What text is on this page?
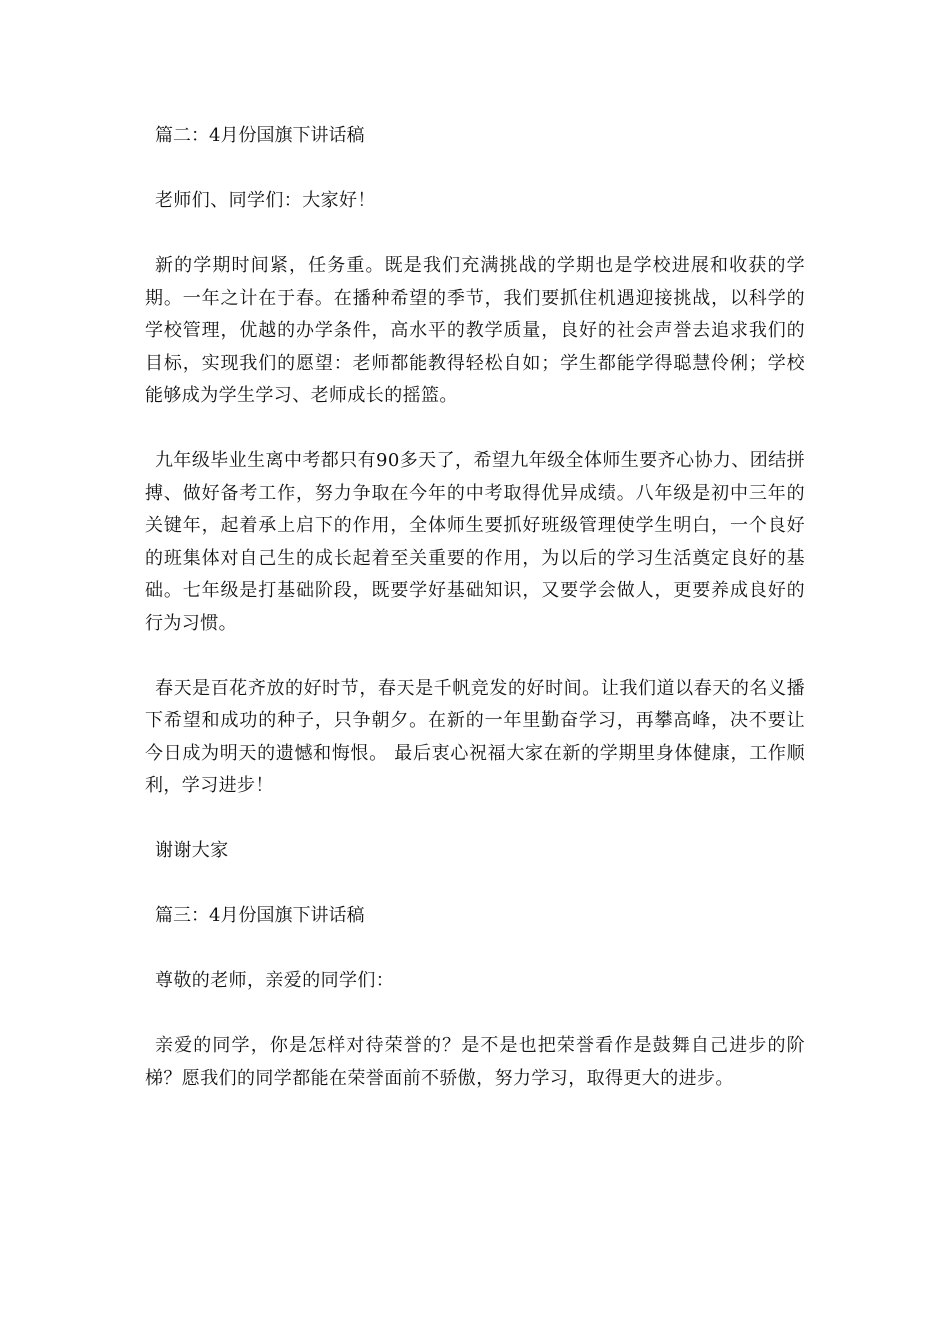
篇二：4月份国旗下讲话稿

老师们、同学们：大家好！

新的学期时间紧，任务重。既是我们充满挑战的学期也是学校进展和收获的学期。一年之计在于春。在播种希望的季节，我们要抓住机遇迎接挑战，以科学的学校管理，优越的办学条件，高水平的教学质量，良好的社会声誉去追求我们的目标，实现我们的愿望：老师都能教得轻松自如；学生都能学得聪慧伶俐；学校能够成为学生学习、老师成长的摇篮。

九年级毕业生离中考都只有90多天了，希望九年级全体师生要齐心协力、团结拼搏、做好备考工作，努力争取在今年的中考取得优异成绩。八年级是初中三年的关键年，起着承上启下的作用，全体师生要抓好班级管理使学生明白，一个良好的班集体对自己生的成长起着至关重要的作用，为以后的学习生活奠定良好的基础。七年级是打基础阶段，既要学好基础知识，又要学会做人，更要养成良好的行为习惯。

春天是百花齐放的好时节，春天是千帆竞发的好时间。让我们道以春天的名义播下希望和成功的种子，只争朝夕。在新的一年里勤奋学习，再攀高峰，决不要让今日成为明天的遗憾和悔恨。 最后衷心祝福大家在新的学期里身体健康，工作顺利，学习进步！

谢谢大家

篇三：4月份国旗下讲话稿

尊敬的老师，亲爱的同学们：

亲爱的同学，你是怎样对待荣誉的？是不是也把荣誉看作是鼓舞自己进步的阶梯？愿我们的同学都能在荣誉面前不骄傲，努力学习，取得更大的进步。
